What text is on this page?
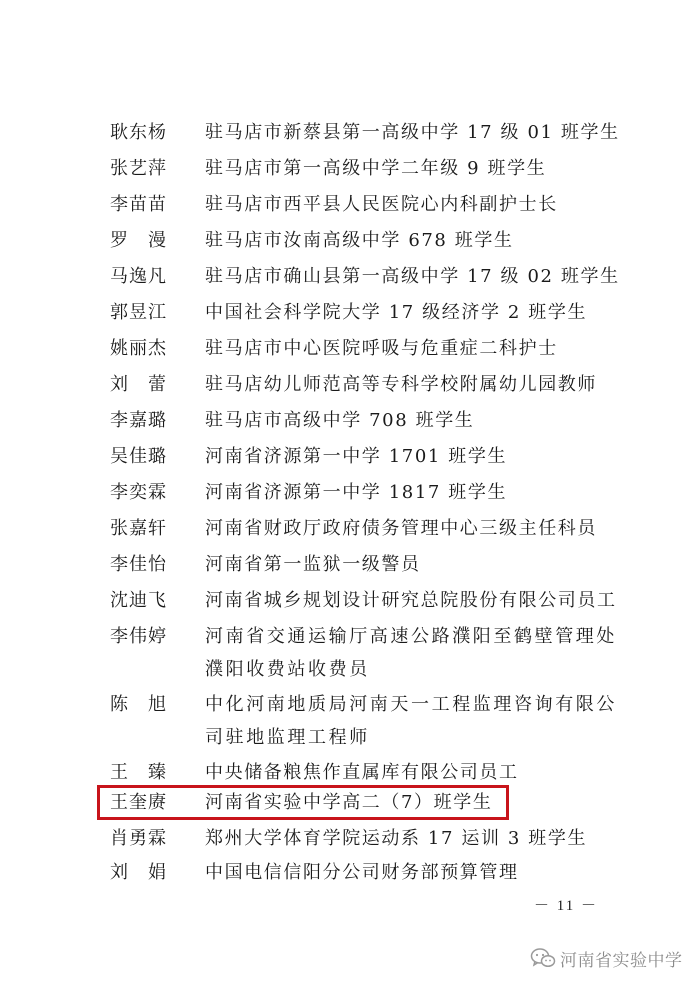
耿东杨	驻马店市新蔡县第一高级中学 17 级 01 班学生
张艺萍	驻马店市第一高级中学二年级 9 班学生
李苗苗	驻马店市西平县人民医院心内科副护士长
罗　漫	驻马店市汝南高级中学 678 班学生
马逸凡	驻马店市确山县第一高级中学 17 级 02 班学生
郭昱江	中国社会科学院大学 17 级经济学 2 班学生
姚丽杰	驻马店市中心医院呼吸与危重症二科护士
刘　蕾	驻马店幼儿师范高等专科学校附属幼儿园教师
李嘉璐	驻马店市高级中学 708 班学生
吴佳璐	河南省济源第一中学 1701 班学生
李奕霖	河南省济源第一中学 1817 班学生
张嘉轩	河南省财政厅政府债务管理中心三级主任科员
李佳怡	河南省第一监狱一级警员
沈迪飞	河南省城乡规划设计研究总院股份有限公司员工
李伟婷	河南省交通运输厅高速公路濮阳至鹤壁管理处
濮阳收费站收费员
陈　旭	中化河南地质局河南天一工程监理咨询有限公
司驻地监理工程师
王　臻	中央储备粮焦作直属库有限公司员工
王奎赓	河南省实验中学高二（7）班学生
肖勇霖	郑州大学体育学院运动系 17 运训 3 班学生
刘　娟	中国电信信阳分公司财务部预算管理
－ 11 －
河南省实验中学
